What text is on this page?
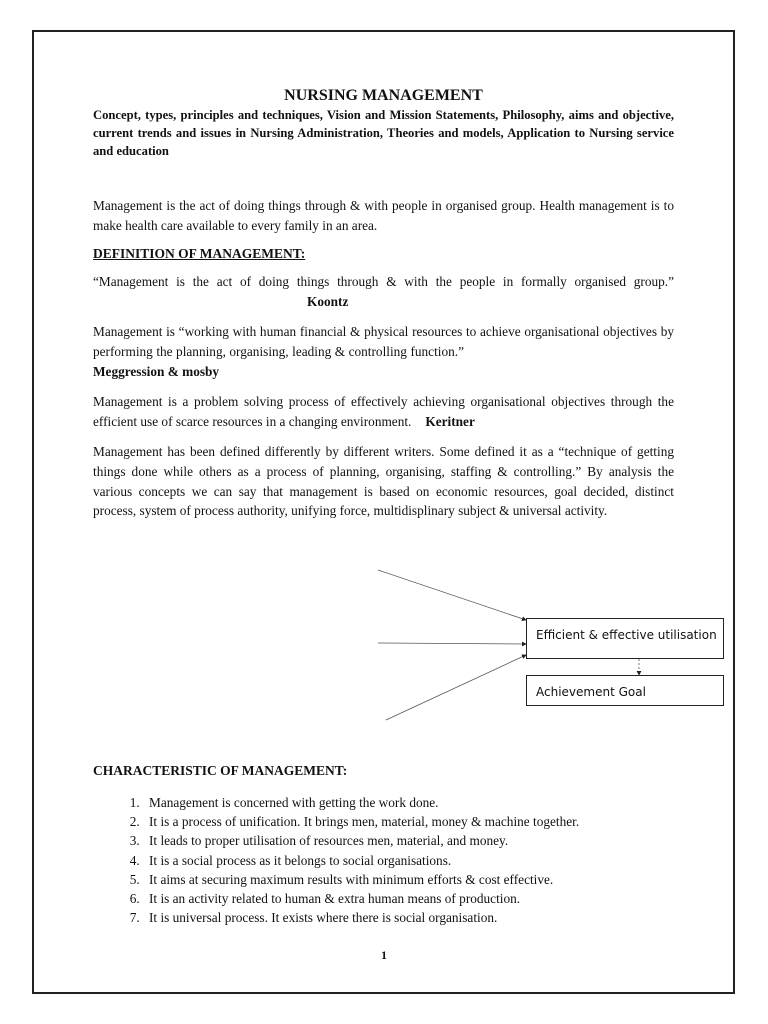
NURSING MANAGEMENT

Concept, types, principles and techniques, Vision and Mission Statements, Philosophy, aims and objective, current trends and issues in Nursing Administration, Theories and models, Application to Nursing service and education

Management is the act of doing things through & with people in organised group. Health management is to make health care available to every family in an area.

DEFINITION OF MANAGEMENT:

“Management is the act of doing things through & with the people in formally organised group.”Koontz

Management is “working with human financial & physical resources to achieve organisational objectives by performing the planning, organising, leading & controlling function.”Meggression & mosby

Management is a problem solving process of effectively achieving organisational objectives through the efficient use of scarce resources in a changing environment. Keritner

Management has been defined differently by different writers. Some defined it as a “technique of getting things done while others as a process of planning, organising, staffing & controlling.” By analysis the various concepts we can say that management is based on economic resources, goal decided, distinct process, system of process authority, unifying force, multidisplinary subject & universal activity.

Efficient & effective utilisation
Achievement Goal
CHARACTERISTIC OF MANAGEMENT:
1. Management is concerned with getting the work done.
2. It is a process of unification. It brings men, material, money & machine together.
3. It leads to proper utilisation of resources men, material, and money.
4. It is a social process as it belongs to social organisations.
5. It aims at securing maximum results with minimum efforts & cost effective.
6. It is an activity related to human & extra human means of production.
7. It is universal process. It exists where there is social organisation.
1
